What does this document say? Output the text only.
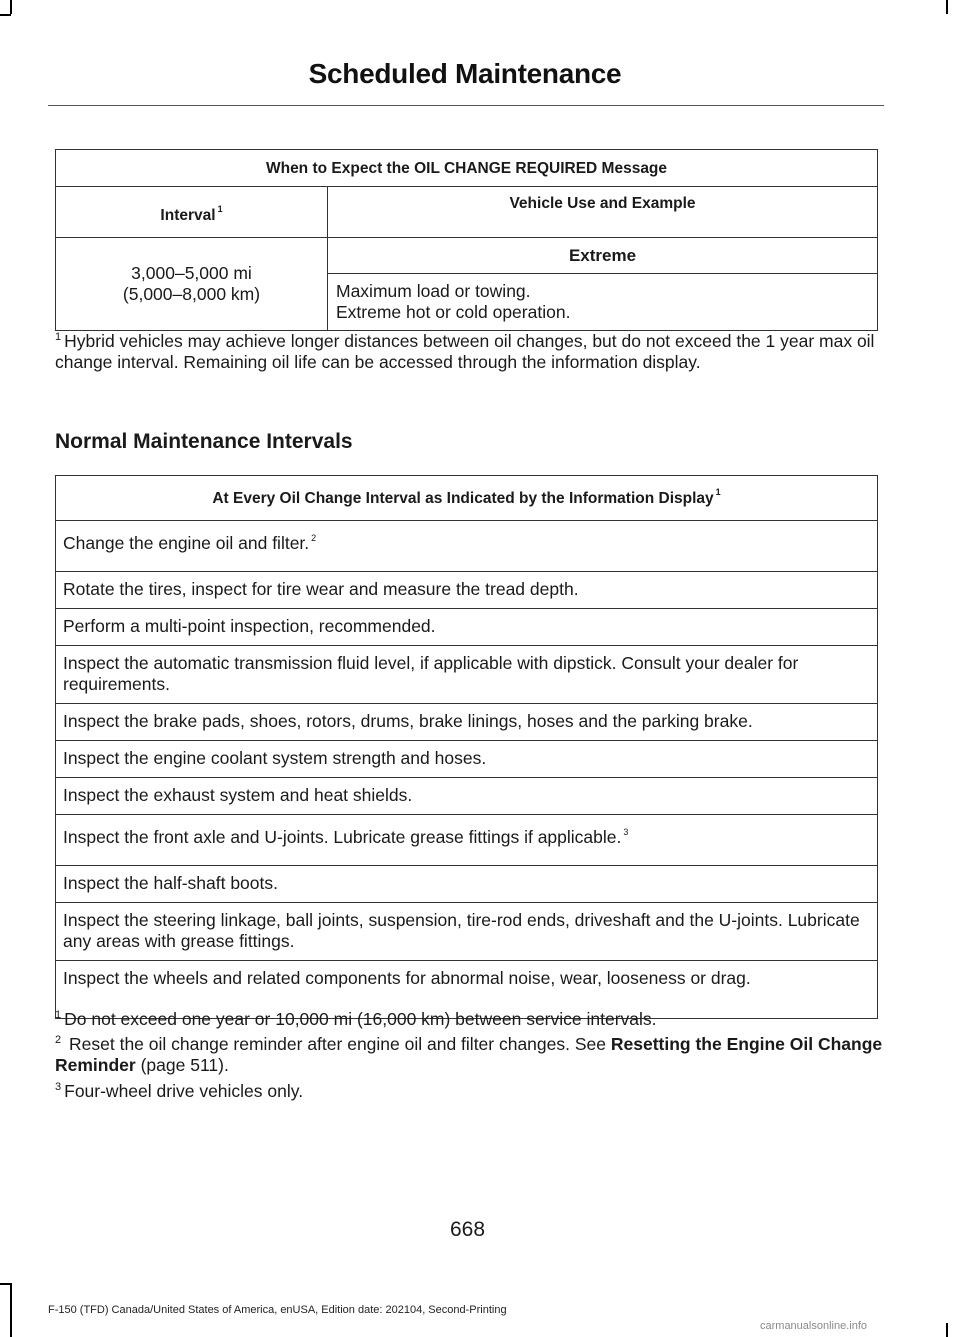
Scheduled Maintenance
When to Expect the OIL CHANGE REQUIRED Message	
Interval $^1$	Vehicle Use and Example

3,000–5,000 mi
(5,000–8,000 km)	Extreme

	Maximum load or towing.
Extreme hot or cold operation.
$^1$ Hybrid vehicles may achieve longer distances between oil changes, but do not exceed the 1 year max oil change interval. Remaining oil life can be accessed through the information display.
Normal Maintenance Intervals
At Every Oil Change Interval as Indicated by the Information Display $^1$
Change the engine oil and filter. $^2$
Rotate the tires, inspect for tire wear and measure the tread depth.
Perform a multi-point inspection, recommended.
Inspect the automatic transmission fluid level, if applicable with dipstick. Consult your dealer for requirements.
Inspect the brake pads, shoes, rotors, drums, brake linings, hoses and the parking brake.
Inspect the engine coolant system strength and hoses.
Inspect the exhaust system and heat shields.
Inspect the front axle and U-joints. Lubricate grease fittings if applicable. $^3$
Inspect the half-shaft boots.
Inspect the steering linkage, ball joints, suspension, tire-rod ends, driveshaft and the U-joints. Lubricate any areas with grease fittings.
Inspect the wheels and related components for abnormal noise, wear, looseness or drag.
$^1$ Do not exceed one year or 10,000 mi (16,000 km) between service intervals.
$^2$ Reset the oil change reminder after engine oil and filter changes. See Resetting the Engine Oil Change Reminder (page 511).
$^3$ Four-wheel drive vehicles only.
668
F-150 (TFD) Canada/United States of America, enUSA, Edition date: 202104, Second-Printing
carmanualsonline.info
